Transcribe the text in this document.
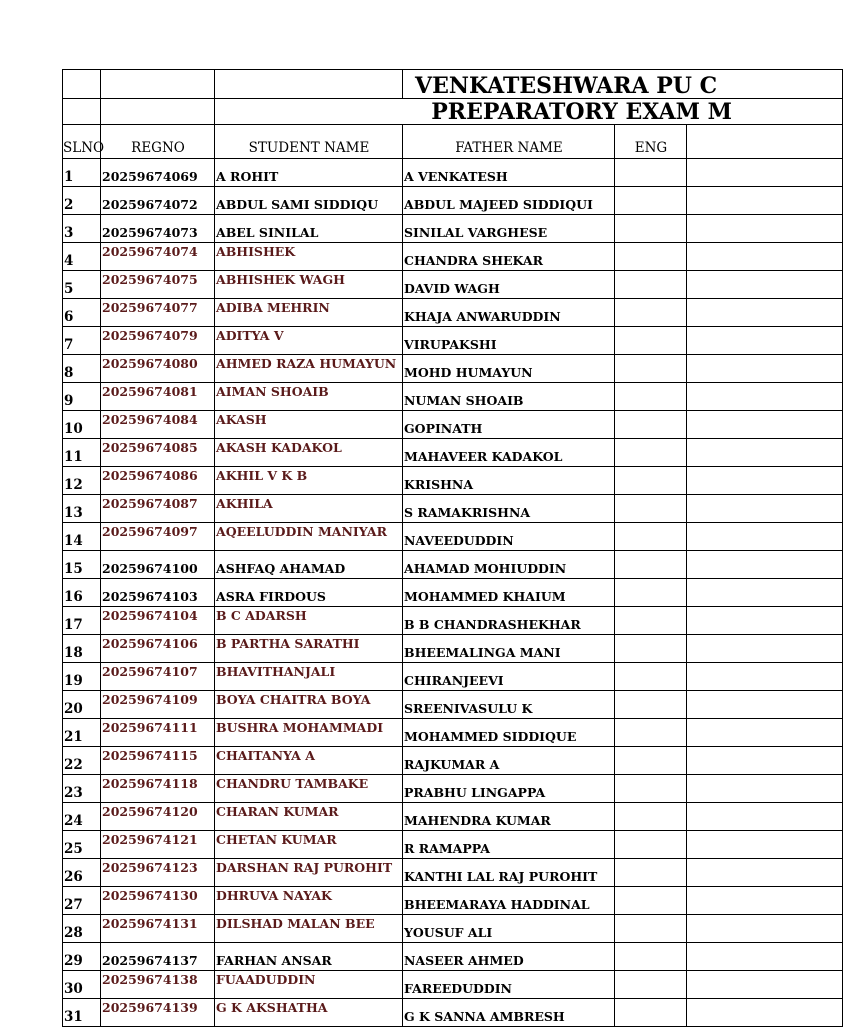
			VENKATESHWARA PU C		
		PREPARATORY EXAM M			
SLNO	REGNO	STUDENT NAME	FATHER NAME	ENG	
1	20259674069	A ROHIT	A VENKATESH		
2	20259674072	ABDUL SAMI SIDDIQU	ABDUL MAJEED SIDDIQUI		
3	20259674073	ABEL SINILAL	SINILAL VARGHESE		
4	20259674074	ABHISHEK	CHANDRA SHEKAR		
5	20259674075	ABHISHEK WAGH	DAVID WAGH		
6	20259674077	ADIBA MEHRIN	KHAJA ANWARUDDIN		
7	20259674079	ADITYA V	VIRUPAKSHI		
8	20259674080	AHMED RAZA HUMAYUN	MOHD HUMAYUN		
9	20259674081	AIMAN SHOAIB	NUMAN SHOAIB		
10	20259674084	AKASH	GOPINATH		
11	20259674085	AKASH KADAKOL	MAHAVEER KADAKOL		
12	20259674086	AKHIL V K B	KRISHNA		
13	20259674087	AKHILA	S RAMAKRISHNA		
14	20259674097	AQEELUDDIN MANIYAR	NAVEEDUDDIN		
15	20259674100	ASHFAQ AHAMAD	AHAMAD MOHIUDDIN		
16	20259674103	ASRA FIRDOUS	MOHAMMED KHAIUM		
17	20259674104	B C ADARSH	B B CHANDRASHEKHAR		
18	20259674106	B PARTHA SARATHI	BHEEMALINGA MANI		
19	20259674107	BHAVITHANJALI	CHIRANJEEVI		
20	20259674109	BOYA CHAITRA BOYA	SREENIVASULU K		
21	20259674111	BUSHRA MOHAMMADI	MOHAMMED SIDDIQUE		
22	20259674115	CHAITANYA A	RAJKUMAR A		
23	20259674118	CHANDRU TAMBAKE	PRABHU LINGAPPA		
24	20259674120	CHARAN KUMAR	MAHENDRA KUMAR		
25	20259674121	CHETAN KUMAR	R RAMAPPA		
26	20259674123	DARSHAN RAJ PUROHIT	KANTHI LAL RAJ PUROHIT		
27	20259674130	DHRUVA NAYAK	BHEEMARAYA HADDINAL		
28	20259674131	DILSHAD MALAN BEE	YOUSUF ALI		
29	20259674137	FARHAN ANSAR	NASEER AHMED		
30	20259674138	FUAADUDDIN	FAREEDUDDIN		
31	20259674139	G K AKSHATHA	G K SANNA AMBRESH		
